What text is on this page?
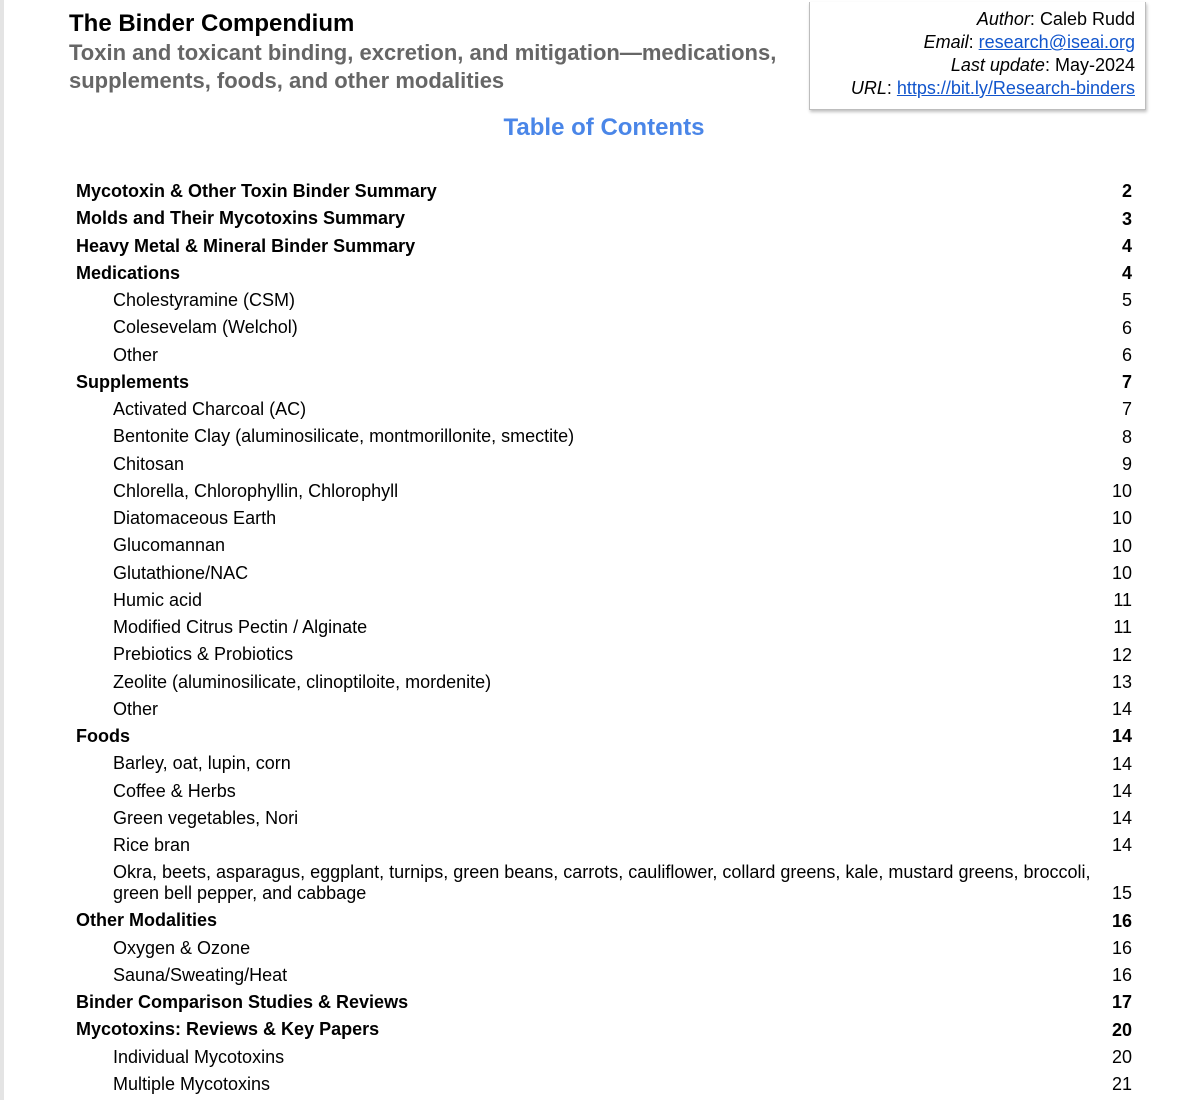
The Binder Compendium
Toxin and toxicant binding, excretion, and mitigation—medications, supplements, foods, and other modalities
Author: Caleb Rudd
Email: research@iseai.org
Last update: May-2024
URL: https://bit.ly/Research-binders
Table of Contents
Mycotoxin & Other Toxin Binder Summary	2
Molds and Their Mycotoxins Summary	3
Heavy Metal & Mineral Binder Summary	4
Medications	4
Cholestyramine (CSM)	5
Colesevelam (Welchol)	6
Other	6
Supplements	7
Activated Charcoal (AC)	7
Bentonite Clay (aluminosilicate, montmorillonite, smectite)	8
Chitosan	9
Chlorella, Chlorophyllin, Chlorophyll	10
Diatomaceous Earth	10
Glucomannan	10
Glutathione/NAC	10
Humic acid	11
Modified Citrus Pectin / Alginate	11
Prebiotics & Probiotics	12
Zeolite (aluminosilicate, clinoptiloite, mordenite)	13
Other	14
Foods	14
Barley, oat, lupin, corn	14
Coffee & Herbs	14
Green vegetables, Nori	14
Rice bran	14
Okra, beets, asparagus, eggplant, turnips, green beans, carrots, cauliflower, collard greens, kale, mustard greens, broccoli, green bell pepper, and cabbage	15
Other Modalities	16
Oxygen & Ozone	16
Sauna/Sweating/Heat	16
Binder Comparison Studies & Reviews	17
Mycotoxins: Reviews & Key Papers	20
Individual Mycotoxins	20
Multiple Mycotoxins	21
